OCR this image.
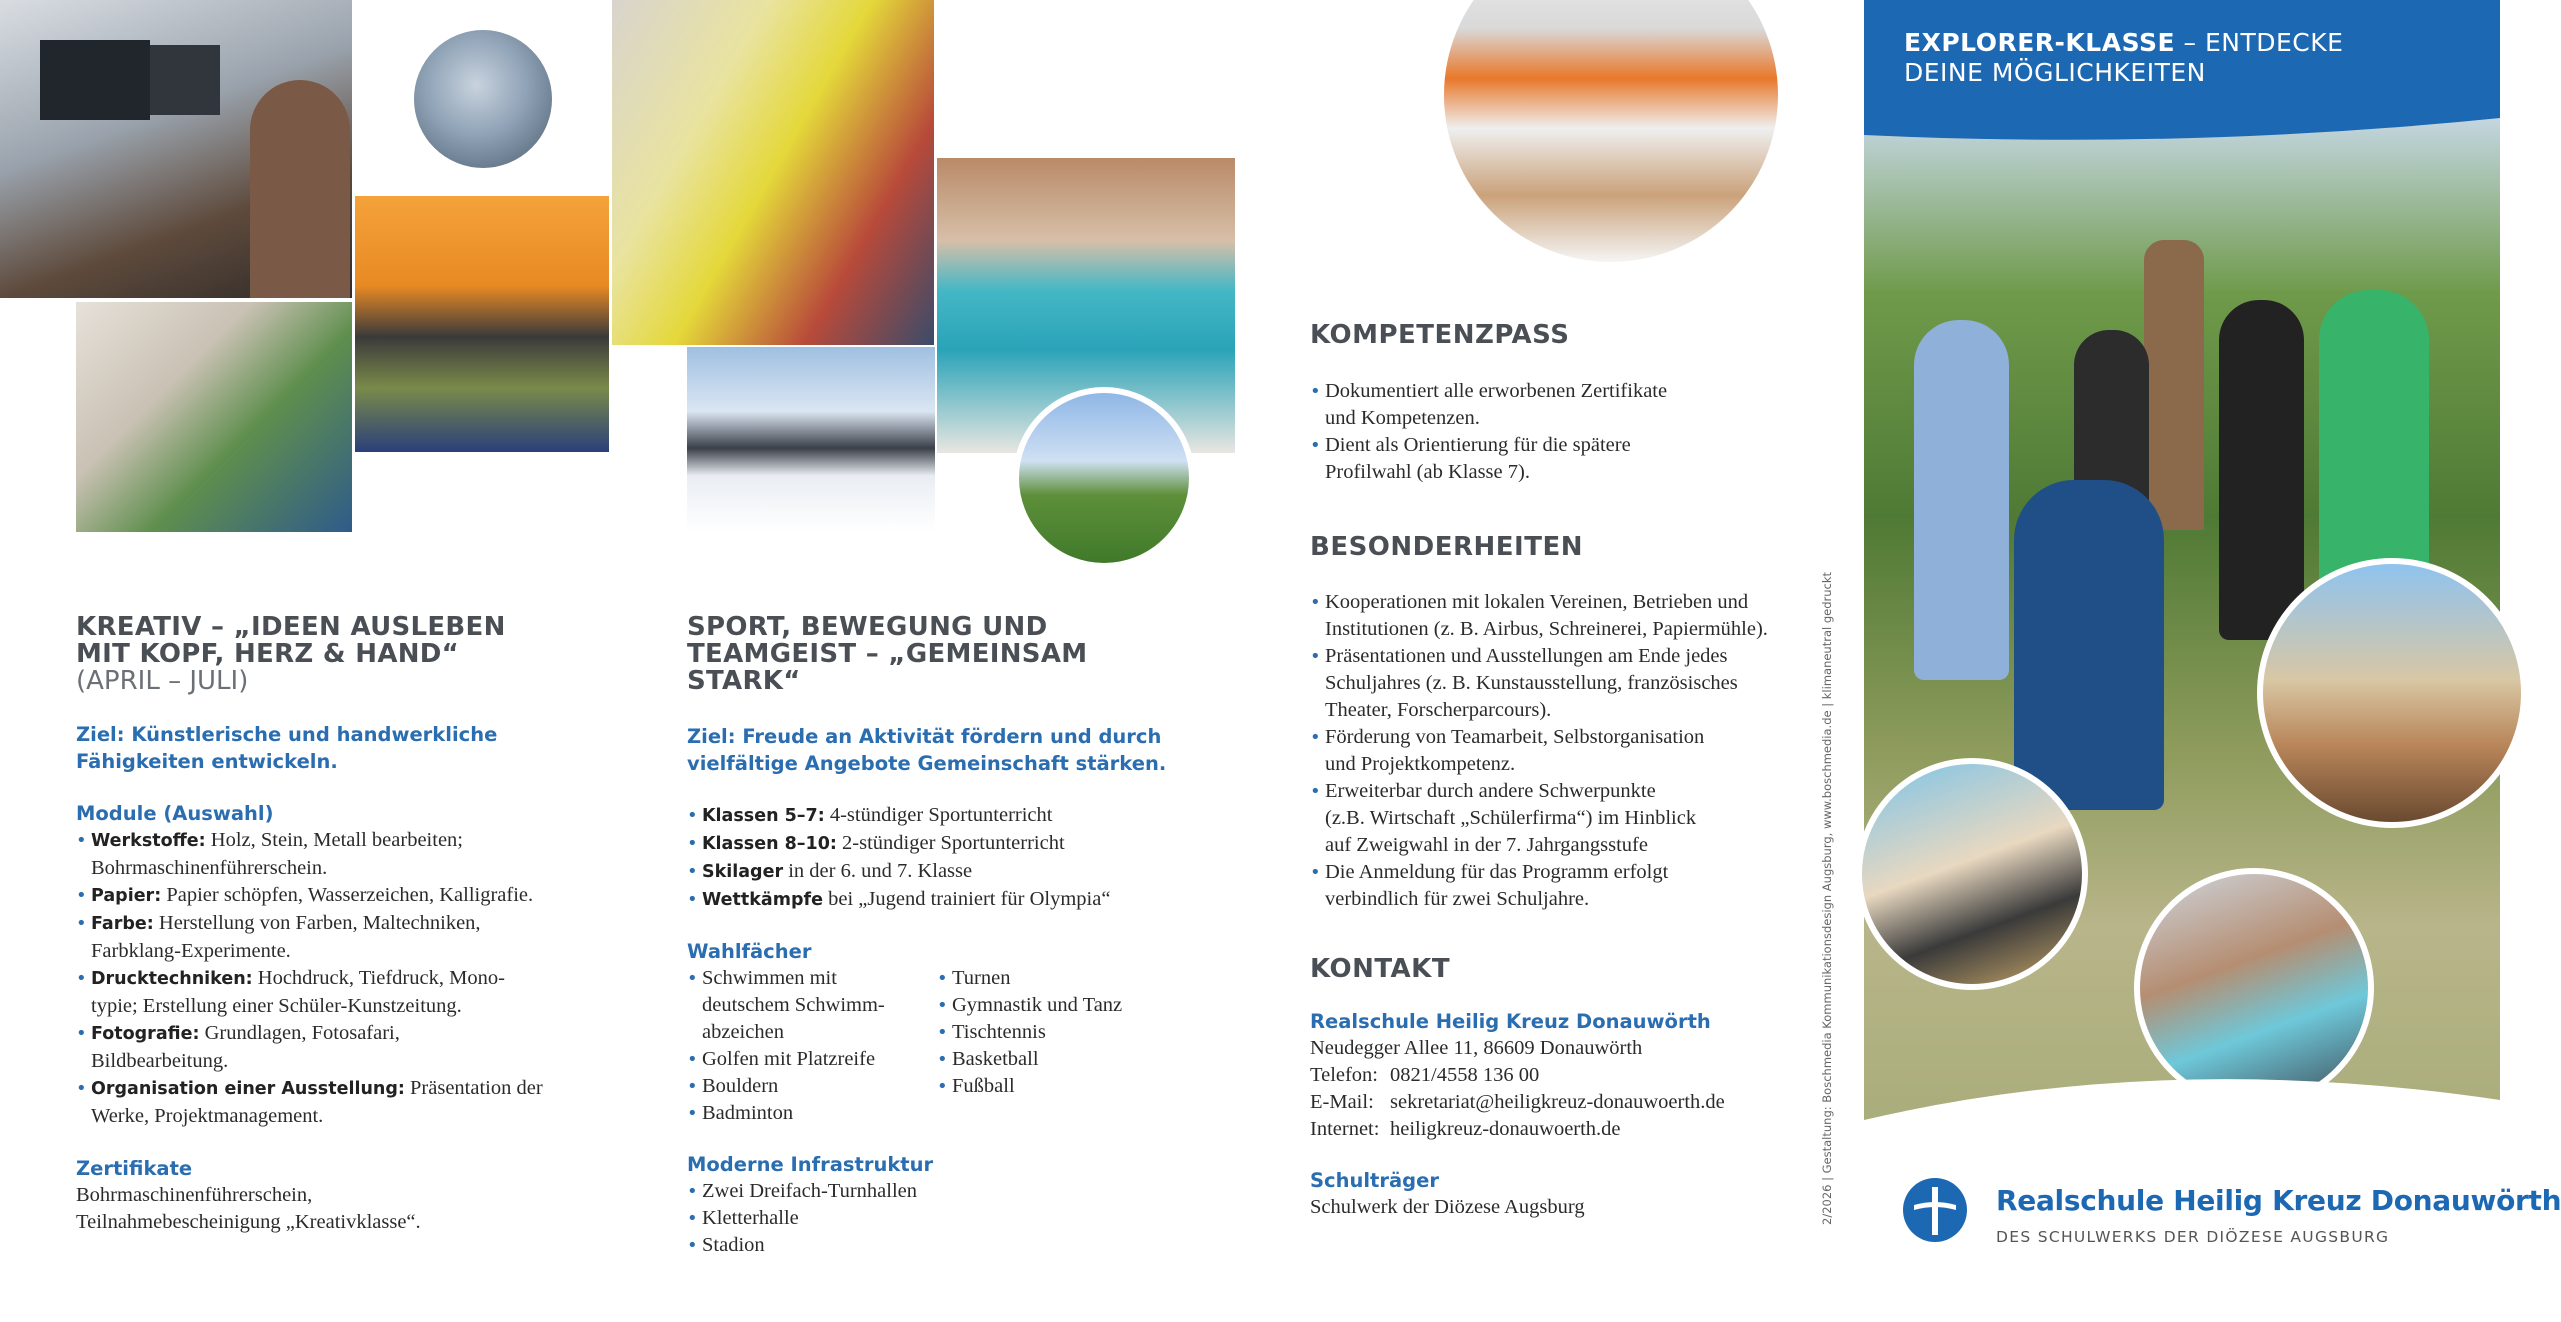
KREATIV – „IDEEN AUSLEBEN

MIT KOPF, HERZ & HAND“

(APRIL – JULI)

Ziel: Künstlerische und handwerkliche
Fähigkeiten entwickeln.
Module (Auswahl)
• Werkstoffe: Holz, Stein, Metall bearbeiten;
Bohrmaschinenführerschein.
• Papier: Papier schöpfen, Wasserzeichen, Kalligrafie.
• Farbe: Herstellung von Farben, Maltechniken,
Farbklang-Experimente.
• Drucktechniken: Hochdruck, Tiefdruck, Mono-
typie; Erstellung einer Schüler-Kunstzeitung.
• Fotografie: Grundlagen, Fotosafari,
Bildbearbeitung.
• Organisation einer Ausstellung: Präsentation der
Werke, Projektmanagement.
Zertifikate
Bohrmaschinenführerschein,
Teilnahmebescheinigung „Kreativklasse“.

SPORT, BEWEGUNG UND

TEAMGEIST – „GEMEINSAM STARK“

Ziel: Freude an Aktivität fördern und durch
vielfältige Angebote Gemeinschaft stärken.
• Klassen 5–7: 4-stündiger Sportunterricht
• Klassen 8–10: 2-stündiger Sportunterricht
• Skilager in der 6. und 7. Klasse
• Wettkämpfe bei „Jugend trainiert für Olympia“
Wahlfächer
• Schwimmen mit
deutschem Schwimm-
abzeichen
• Golfen mit Platzreife
• Bouldern
• Badminton
• Turnen
• Gymnastik und Tanz
• Tischtennis
• Basketball
• Fußball
Moderne Infrastruktur
• Zwei Dreifach-Turnhallen
• Kletterhalle
• Stadion

KOMPETENZPASS

• Dokumentiert alle erworbenen Zertifikate
und Kompetenzen.
• Dient als Orientierung für die spätere
Profilwahl (ab Klasse 7).

BESONDERHEITEN

• Kooperationen mit lokalen Vereinen, Betrieben und
Institutionen (z. B. Airbus, Schreinerei, Papiermühle).
• Präsentationen und Ausstellungen am Ende jedes
Schuljahres (z. B. Kunstausstellung, französisches
Theater, Forscherparcours).
• Förderung von Teamarbeit, Selbstorganisation
und Projektkompetenz.
• Erweiterbar durch andere Schwerpunkte
(z.B. Wirtschaft „Schülerfirma“) im Hinblick
auf Zweigwahl in der 7. Jahrgangsstufe
• Die Anmeldung für das Programm erfolgt
verbindlich für zwei Schuljahre.

KONTAKT

Realschule Heilig Kreuz Donauwörth
Neudegger Allee 11, 86609 Donauwörth
Telefon: 0821/4558 136 00
E-Mail: sekretariat@heiligkreuz-donauwoerth.de
Internet: heiligkreuz-donauwoerth.de
Schulträger
Schulwerk der Diözese Augsburg	2/2026 | Gestaltung: Boschmedia Kommunikationsdesign Augsburg, www.boschmedia.de | klimaneutral gedruckt
EXPLORER-KLASSE – ENTDECKE
DEINE MÖGLICHKEITEN
Realschule Heilig Kreuz Donauwörth
DES SCHULWERKS DER DIÖZESE AUGSBURG
